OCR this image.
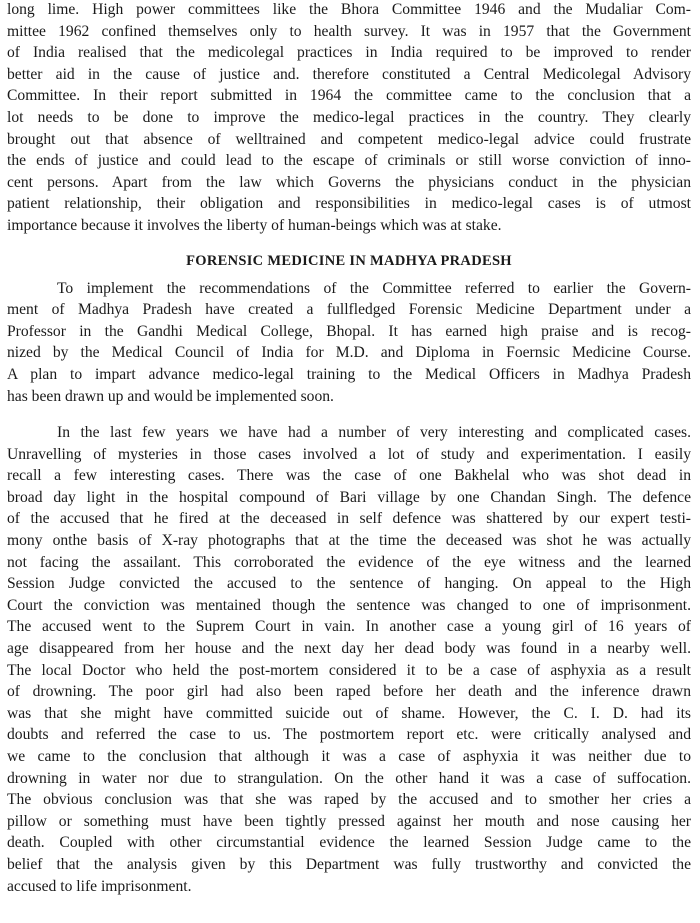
long lime. High power committees like the Bhora Committee 1946 and the Mudaliar Com-
mittee 1962 confined themselves only to health survey. It was in 1957 that the Government
of India realised that the medicolegal practices in India required to be improved to render
better aid in the cause of justice and. therefore constituted a Central Medicolegal Advisory
Committee. In their report submitted in 1964 the committee came to the conclusion that a
lot needs to be done to improve the medico-legal practices in the country. They clearly
brought out that absence of welltrained and competent medico-legal advice could frustrate
the ends of justice and could lead to the escape of criminals or still worse conviction of inno-
cent persons. Apart from the law which Governs the physicians conduct in the physician
patient relationship, their obligation and responsibilities in medico-legal cases is of utmost
importance because it involves the liberty of human-beings which was at stake.
FORENSIC MEDICINE IN MADHYA PRADESH
To implement the recommendations of the Committee referred to earlier the Govern-
ment of Madhya Pradesh have created a fullfledged Forensic Medicine Department under a
Professor in the Gandhi Medical College, Bhopal. It has earned high praise and is recog-
nized by the Medical Council of India for M.D. and Diploma in Foernsic Medicine Course.
A plan to impart advance medico-legal training to the Medical Officers in Madhya Pradesh
has been drawn up and would be implemented soon.
In the last few years we have had a number of very interesting and complicated cases.
Unravelling of mysteries in those cases involved a lot of study and experimentation. I easily
recall a few interesting cases. There was the case of one Bakhelal who was shot dead in
broad day light in the hospital compound of Bari village by one Chandan Singh. The defence
of the accused that he fired at the deceased in self defence was shattered by our expert testi-
mony onthe basis of X-ray photographs that at the time the deceased was shot he was actually
not facing the assailant. This corroborated the evidence of the eye witness and the learned
Session Judge convicted the accused to the sentence of hanging. On appeal to the High
Court the conviction was mentained though the sentence was changed to one of imprisonment.
The accused went to the Suprem Court in vain. In another case a young girl of 16 years of
age disappeared from her house and the next day her dead body was found in a nearby well.
The local Doctor who held the post-mortem considered it to be a case of asphyxia as a result
of drowning. The poor girl had also been raped before her death and the inference drawn
was that she might have committed suicide out of shame. However, the C. I. D. had its
doubts and referred the case to us. The postmortem report etc. were critically analysed and
we came to the conclusion that although it was a case of asphyxia it was neither due to
drowning in water nor due to strangulation. On the other hand it was a case of suffocation.
The obvious conclusion was that she was raped by the accused and to smother her cries a
pillow or something must have been tightly pressed against her mouth and nose causing her
death. Coupled with other circumstantial evidence the learned Session Judge came to the
belief that the analysis given by this Department was fully trustworthy and convicted the
accused to life imprisonment.
